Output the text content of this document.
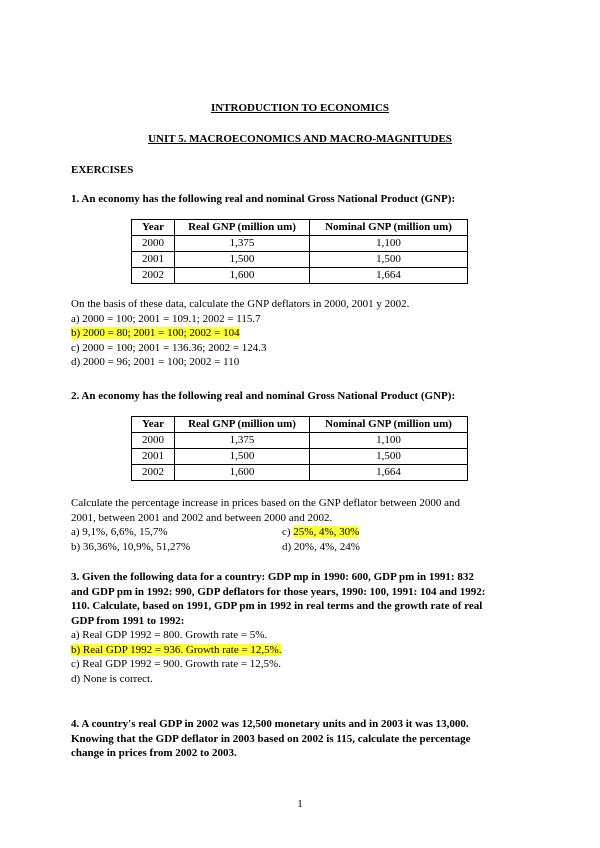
INTRODUCTION TO ECONOMICS
UNIT 5. MACROECONOMICS AND MACRO-MAGNITUDES
EXERCISES
1. An economy has the following real and nominal Gross National Product (GNP):
Year	Real GNP (million um)	Nominal GNP (million um)
2000	1,375	1,100
2001	1,500	1,500
2002	1,600	1,664
On the basis of these data, calculate the GNP deflators in 2000, 2001 y 2002.
a) 2000 = 100; 2001 = 109.1; 2002 = 115.7
b) 2000 = 80; 2001 = 100; 2002 = 104
c) 2000 = 100; 2001 = 136.36; 2002 = 124.3
d) 2000 = 96; 2001 = 100; 2002 = 110
2. An economy has the following real and nominal Gross National Product (GNP):
Year	Real GNP (million um)	Nominal GNP (million um)
2000	1,375	1,100
2001	1,500	1,500
2002	1,600	1,664
Calculate the percentage increase in prices based on the GNP deflator between 2000 and
2001, between 2001 and 2002 and between 2000 and 2002.
a) 9,1%, 6,6%, 15,7%	c) 25%, 4%, 30%
b) 36,36%, 10,9%, 51,27%	d) 20%, 4%, 24%
3. Given the following data for a country: GDP mp in 1990: 600, GDP pm in 1991: 832
and GDP pm in 1992: 990, GDP deflators for those years, 1990: 100, 1991: 104 and 1992:
110. Calculate, based on 1991, GDP pm in 1992 in real terms and the growth rate of real
GDP from 1991 to 1992:
a) Real GDP 1992 = 800. Growth rate = 5%.
b) Real GDP 1992 = 936. Growth rate = 12,5%.
c) Real GDP 1992 = 900. Growth rate = 12,5%.
d) None is correct.
4. A country's real GDP in 2002 was 12,500 monetary units and in 2003 it was 13,000.
Knowing that the GDP deflator in 2003 based on 2002 is 115, calculate the percentage
change in prices from 2002 to 2003.
1
